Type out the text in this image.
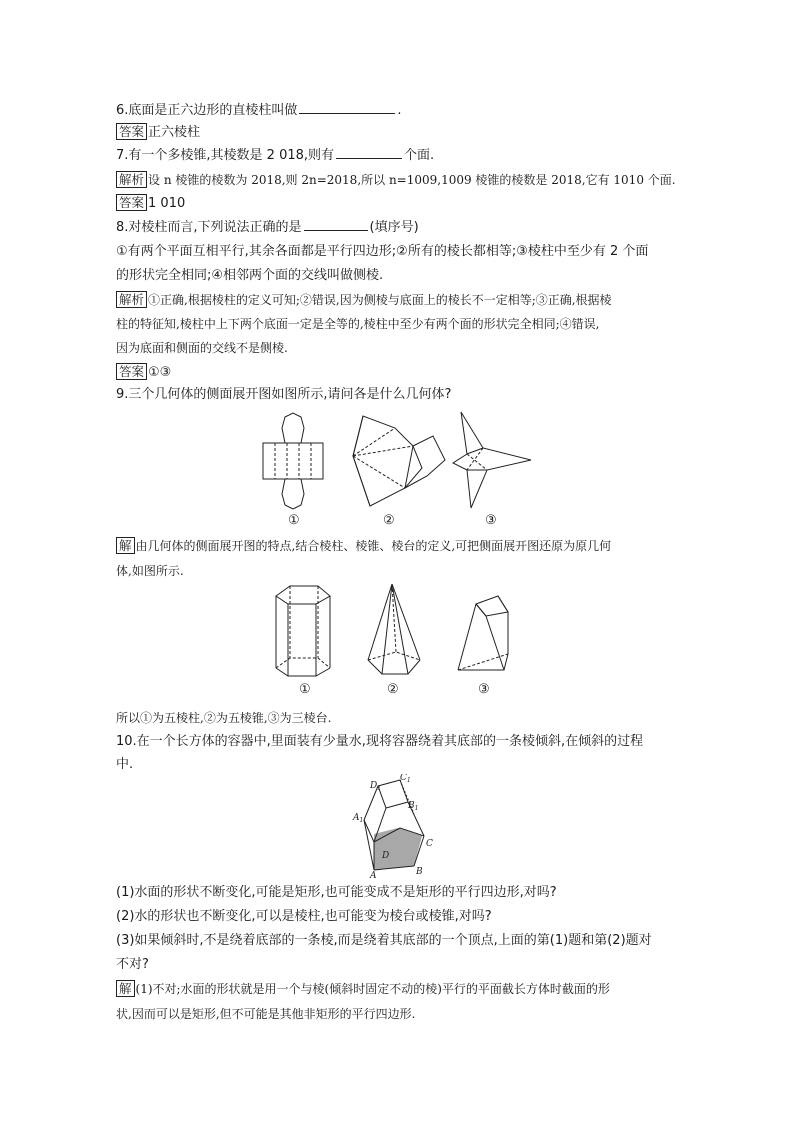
6.底面是正六边形的直棱柱叫做	.
答案 正六棱柱
7.有一个多棱锥,其棱数是 2 018,则有	个面.
解析 设 n 棱锥的棱数为 2018,则 2n=2018,所以 n=1009,1009 棱锥的棱数是 2018,它有 1010 个面.
答案 1 010
8.对棱柱而言,下列说法正确的是	(填序号)
①有两个平面互相平行,其余各面都是平行四边形;②所有的棱长都相等;③棱柱中至少有 2 个面
的形状完全相同;④相邻两个面的交线叫做侧棱.
解析 ①正确,根据棱柱的定义可知;②错误,因为侧棱与底面上的棱长不一定相等;③正确,根据棱
柱的特征知,棱柱中上下两个底面一定是全等的,棱柱中至少有两个面的形状完全相同;④错误,
因为底面和侧面的交线不是侧棱.
答案 ①③
9.三个几何体的侧面展开图如图所示,请问各是什么几何体?
①	②	③
解 由几何体的侧面展开图的特点,结合棱柱、棱锥、棱台的定义,可把侧面展开图还原为原几何
体,如图所示.
①	②	③
所以①为五棱柱,②为五棱锥,③为三棱台.
10.在一个长方体的容器中,里面装有少量水,现将容器绕着其底部的一条棱倾斜,在倾斜的过程
中.
$D_1$
$C_1$
$B_1$
$A_1$
C
D
B
A
(1)水面的形状不断变化,可能是矩形,也可能变成不是矩形的平行四边形,对吗?
(2)水的形状也不断变化,可以是棱柱,也可能变为棱台或棱锥,对吗?
(3)如果倾斜时,不是绕着底部的一条棱,而是绕着其底部的一个顶点,上面的第(1)题和第(2)题对
不对?
解 (1)不对;水面的形状就是用一个与棱(倾斜时固定不动的棱)平行的平面截长方体时截面的形
状,因而可以是矩形,但不可能是其他非矩形的平行四边形.
